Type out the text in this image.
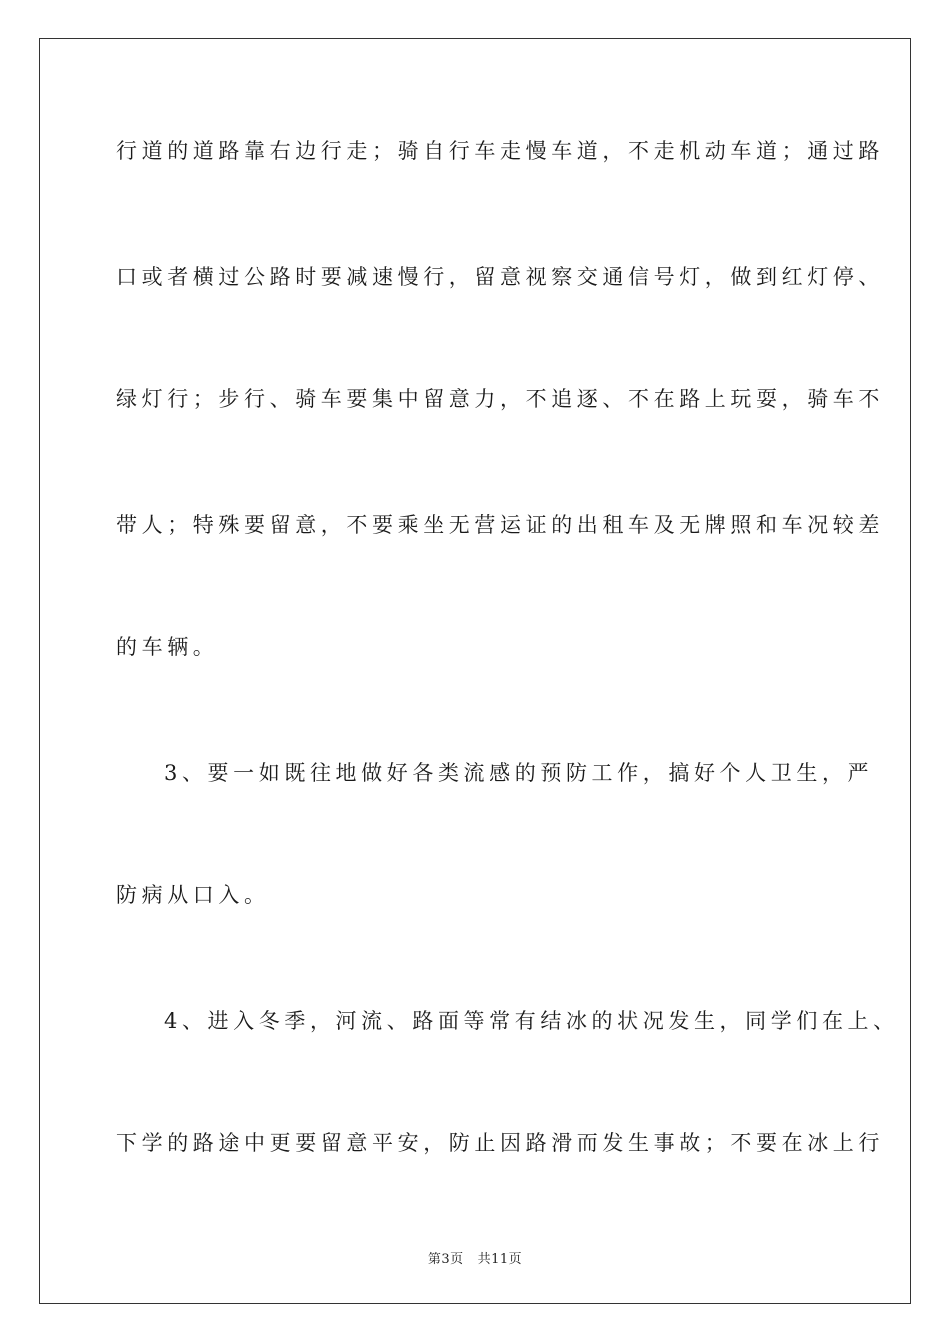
行道的道路靠右边行走；骑自行车走慢车道，不走机动车道；通过路
口或者横过公路时要减速慢行，留意视察交通信号灯，做到红灯停、
绿灯行；步行、骑车要集中留意力，不追逐、不在路上玩耍，骑车不
带人；特殊要留意，不要乘坐无营运证的出租车及无牌照和车况较差
的车辆。
3、要一如既往地做好各类流感的预防工作，搞好个人卫生，严
防病从口入。
4、进入冬季，河流、路面等常有结冰的状况发生，同学们在上、
下学的路途中更要留意平安，防止因路滑而发生事故；不要在冰上行
第3页 共11页
